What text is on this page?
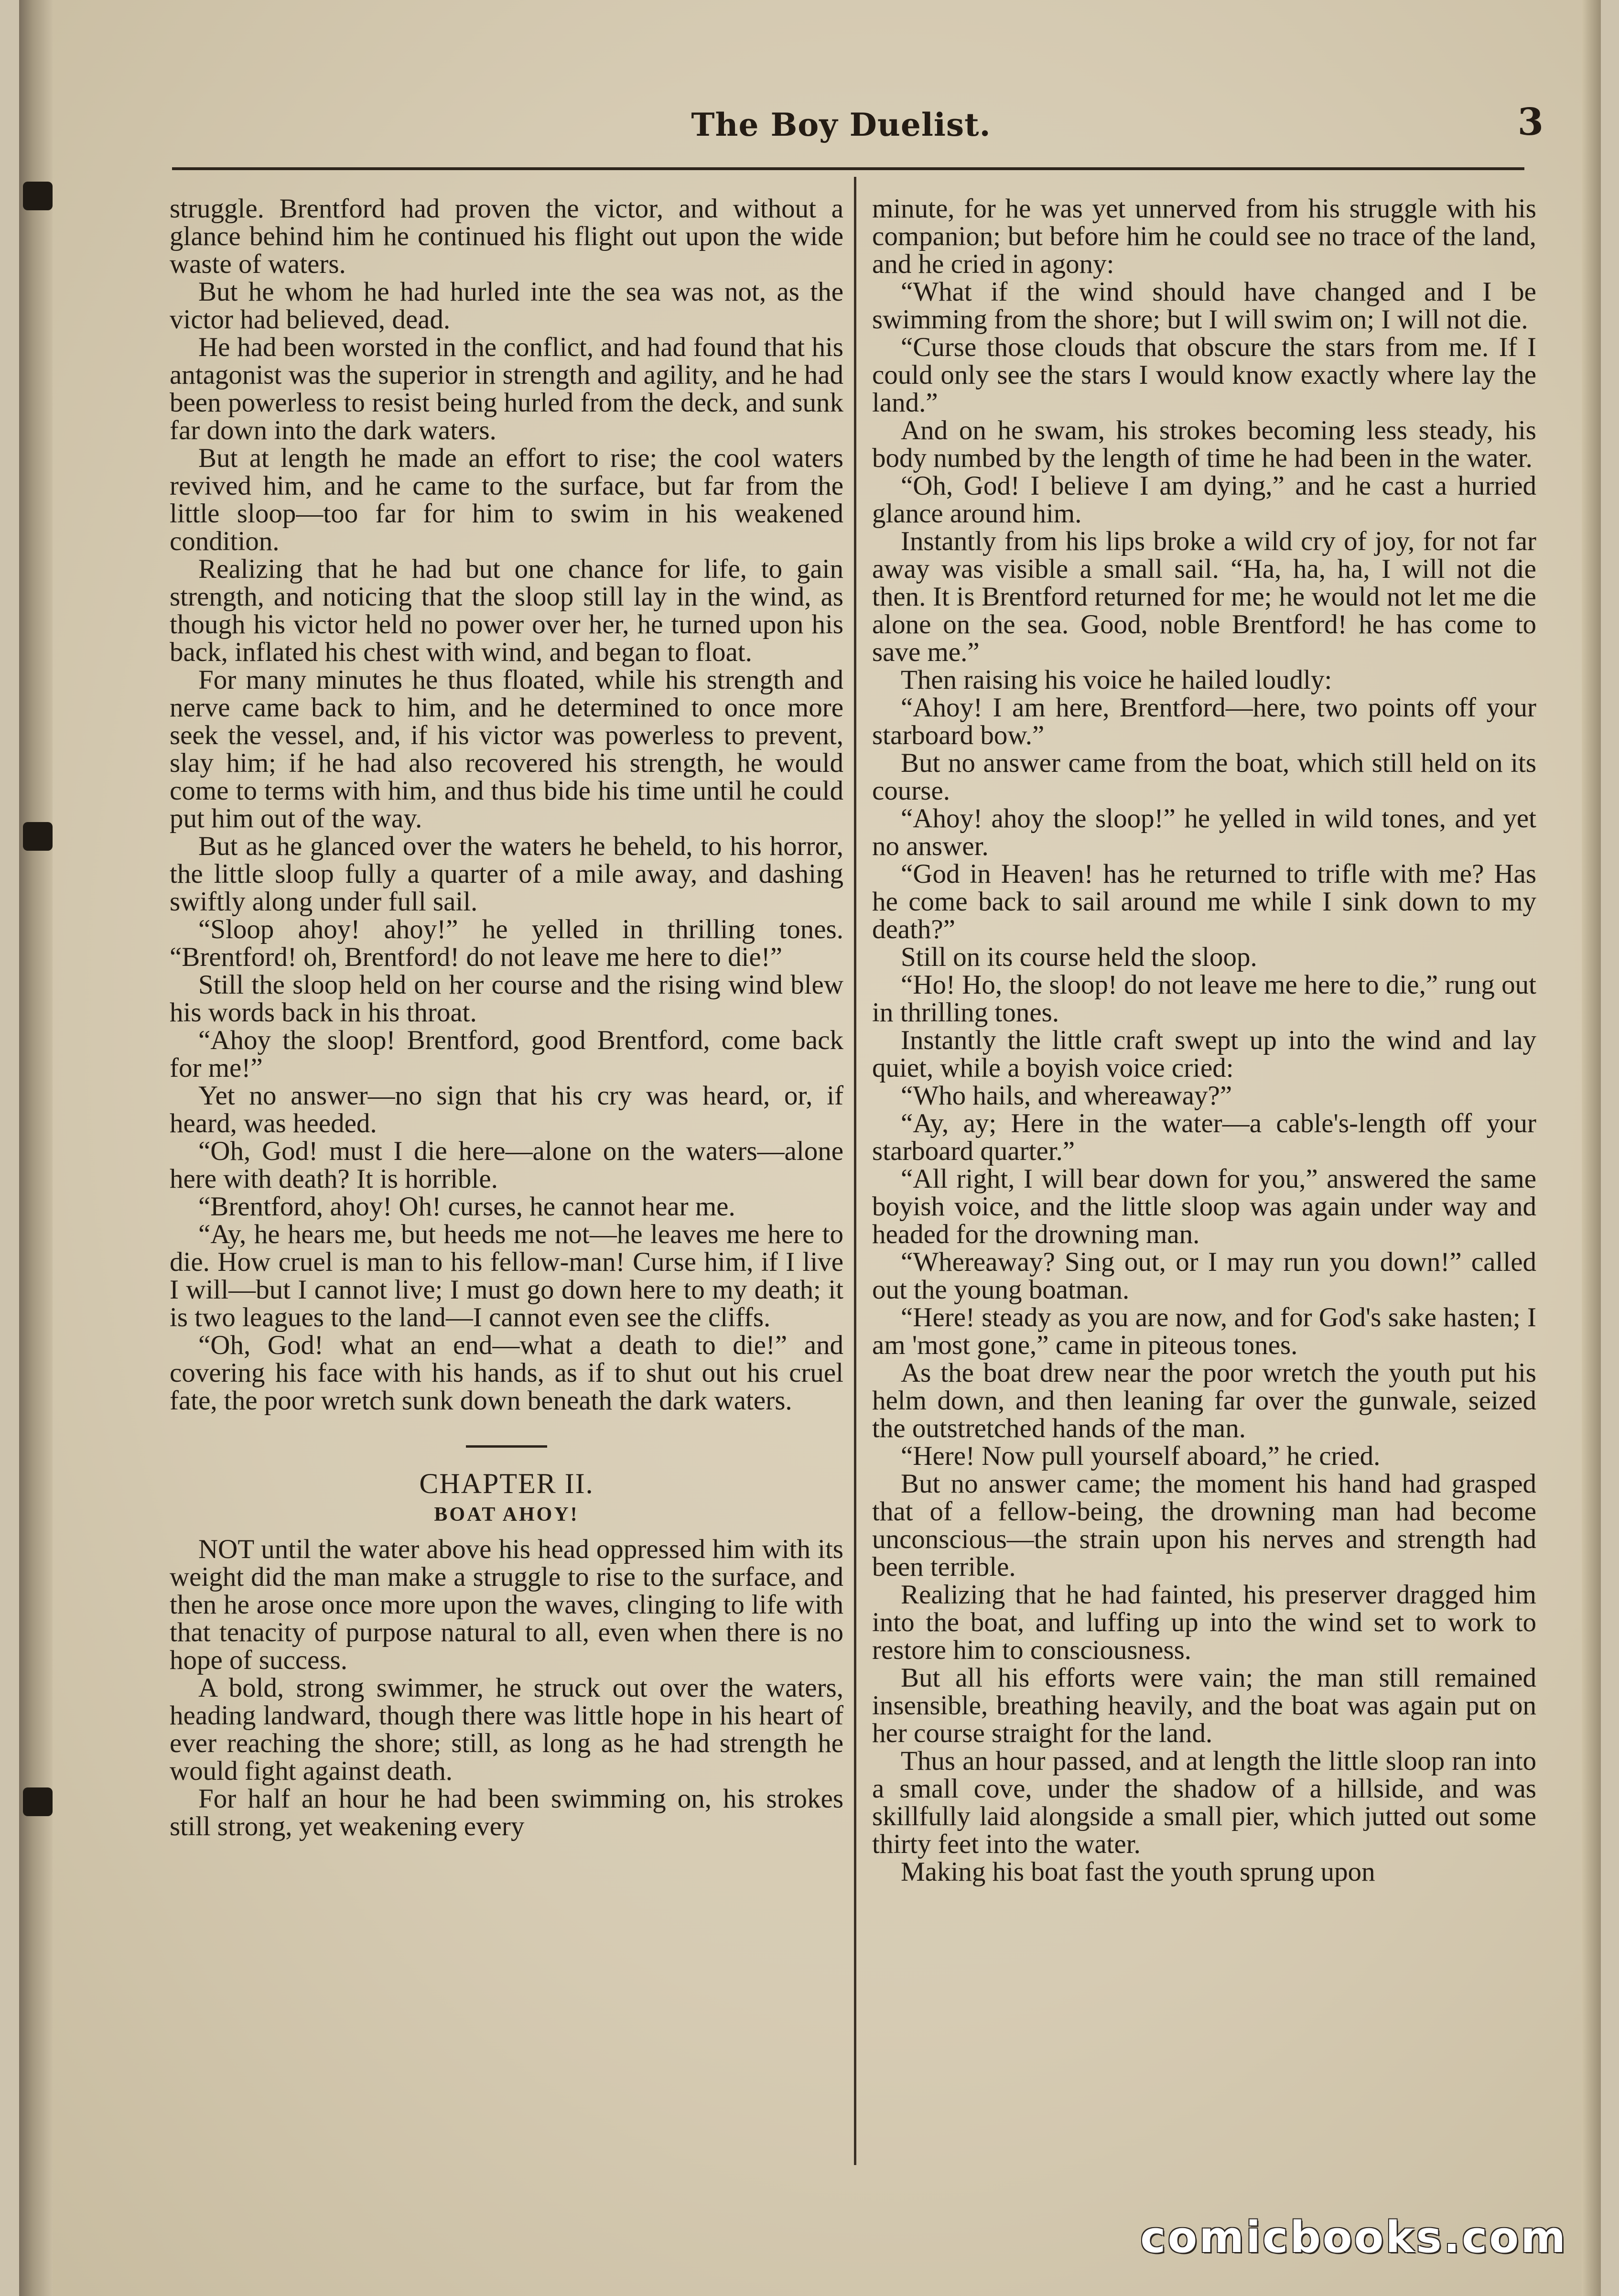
The Boy Duelist.	3

struggle. Brentford had proven the victor, and without a glance behind him he continued his flight out upon the wide waste of waters.

But he whom he had hurled inte the sea was not, as the victor had believed, dead.

He had been worsted in the conflict, and had found that his antagonist was the superior in strength and agility, and he had been powerless to resist being hurled from the deck, and sunk far down into the dark waters.

But at length he made an effort to rise; the cool waters revived him, and he came to the surface, but far from the little sloop—too far for him to swim in his weakened condition.

Realizing that he had but one chance for life, to gain strength, and noticing that the sloop still lay in the wind, as though his victor held no power over her, he turned upon his back, inflated his chest with wind, and began to float.

For many minutes he thus floated, while his strength and nerve came back to him, and he determined to once more seek the vessel, and, if his victor was powerless to prevent, slay him; if he had also recovered his strength, he would come to terms with him, and thus bide his time until he could put him out of the way.

But as he glanced over the waters he beheld, to his horror, the little sloop fully a quarter of a mile away, and dashing swiftly along under full sail.

“Sloop ahoy! ahoy!” he yelled in thrilling tones. “Brentford! oh, Brentford! do not leave me here to die!”

Still the sloop held on her course and the rising wind blew his words back in his throat.

“Ahoy the sloop! Brentford, good Brentford, come back for me!”

Yet no answer—no sign that his cry was heard, or, if heard, was heeded.

“Oh, God! must I die here—alone on the waters—alone here with death? It is horrible.

“Brentford, ahoy! Oh! curses, he cannot hear me.

“Ay, he hears me, but heeds me not—he leaves me here to die. How cruel is man to his fellow-man! Curse him, if I live I will—but I cannot live; I must go down here to my death; it is two leagues to the land—I cannot even see the cliffs.

“Oh, God! what an end—what a death to die!” and covering his face with his hands, as if to shut out his cruel fate, the poor wretch sunk down beneath the dark waters.

CHAPTER II.

BOAT AHOY!

NOT until the water above his head oppressed him with its weight did the man make a struggle to rise to the surface, and then he arose once more upon the waves, clinging to life with that tenacity of purpose natural to all, even when there is no hope of success.

A bold, strong swimmer, he struck out over the waters, heading landward, though there was little hope in his heart of ever reaching the shore; still, as long as he had strength he would fight against death.

For half an hour he had been swimming on, his strokes still strong, yet weakening every

minute, for he was yet unnerved from his struggle with his companion; but before him he could see no trace of the land, and he cried in agony:

“What if the wind should have changed and I be swimming from the shore; but I will swim on; I will not die.

“Curse those clouds that obscure the stars from me. If I could only see the stars I would know exactly where lay the land.”

And on he swam, his strokes becoming less steady, his body numbed by the length of time he had been in the water.

“Oh, God! I believe I am dying,” and he cast a hurried glance around him.

Instantly from his lips broke a wild cry of joy, for not far away was visible a small sail. “Ha, ha, ha, I will not die then. It is Brentford returned for me; he would not let me die alone on the sea. Good, noble Brentford! he has come to save me.”

Then raising his voice he hailed loudly:

“Ahoy! I am here, Brentford—here, two points off your starboard bow.”

But no answer came from the boat, which still held on its course.

“Ahoy! ahoy the sloop!” he yelled in wild tones, and yet no answer.

“God in Heaven! has he returned to trifle with me? Has he come back to sail around me while I sink down to my death?”

Still on its course held the sloop.

“Ho! Ho, the sloop! do not leave me here to die,” rung out in thrilling tones.

Instantly the little craft swept up into the wind and lay quiet, while a boyish voice cried:

“Who hails, and whereaway?”

“Ay, ay; Here in the water—a cable's-length off your starboard quarter.”

“All right, I will bear down for you,” answered the same boyish voice, and the little sloop was again under way and headed for the drowning man.

“Whereaway? Sing out, or I may run you down!” called out the young boatman.

“Here! steady as you are now, and for God's sake hasten; I am 'most gone,” came in piteous tones.

As the boat drew near the poor wretch the youth put his helm down, and then leaning far over the gunwale, seized the outstretched hands of the man.

“Here! Now pull yourself aboard,” he cried.

But no answer came; the moment his hand had grasped that of a fellow-being, the drowning man had become unconscious—the strain upon his nerves and strength had been terrible.

Realizing that he had fainted, his preserver dragged him into the boat, and luffing up into the wind set to work to restore him to consciousness.

But all his efforts were vain; the man still remained insensible, breathing heavily, and the boat was again put on her course straight for the land.

Thus an hour passed, and at length the little sloop ran into a small cove, under the shadow of a hillside, and was skillfully laid alongside a small pier, which jutted out some thirty feet into the water.

Making his boat fast the youth sprung upon

comicbooks.com
